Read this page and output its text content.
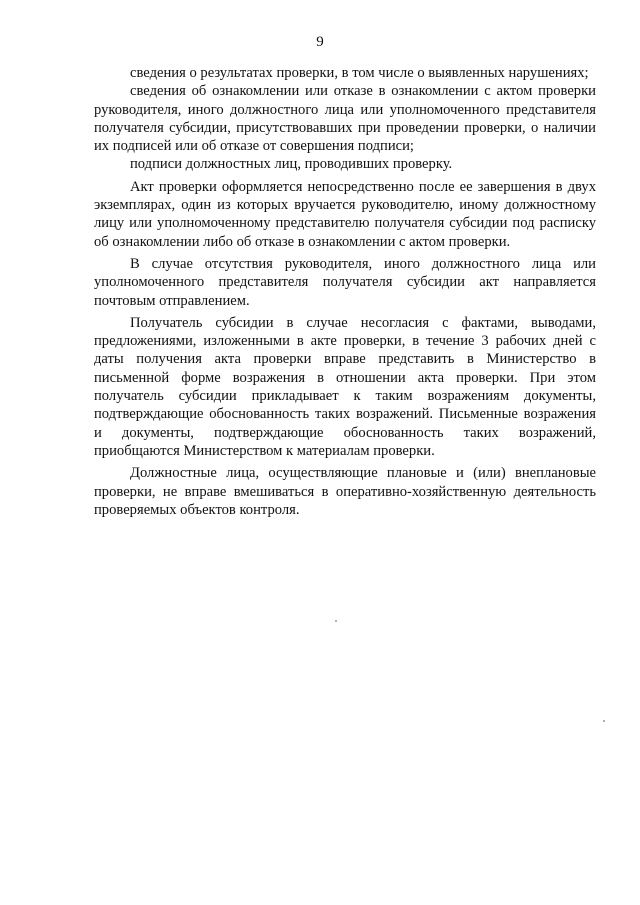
9

сведения о результатах проверки, в том числе о выявленных нарушениях;

сведения об ознакомлении или отказе в ознакомлении с актом проверки руководителя, иного должностного лица или уполномоченного представителя получателя субсидии, присутствовавших при проведении проверки, о наличии их подписей или об отказе от совершения подписи;

подписи должностных лиц, проводивших проверку.

Акт проверки оформляется непосредственно после ее завершения в двух экземплярах, один из которых вручается руководителю, иному должностному лицу или уполномоченному представителю получателя субсидии под расписку об ознакомлении либо об отказе в ознакомлении с актом проверки.

В случае отсутствия руководителя, иного должностного лица или уполномоченного представителя получателя субсидии акт направляется почтовым отправлением.

Получатель субсидии в случае несогласия с фактами, выводами, предложениями, изложенными в акте проверки, в течение 3 рабочих дней с даты получения акта проверки вправе представить в Министерство в письменной форме возражения в отношении акта проверки. При этом получатель субсидии прикладывает к таким возражениям документы, подтверждающие обоснованность таких возражений. Письменные возражения и документы, подтверждающие обоснованность таких возражений, приобщаются Министерством к материалам проверки.

Должностные лица, осуществляющие плановые и (или) внеплановые проверки, не вправе вмешиваться в оперативно-хозяйственную деятельность проверяемых объектов контроля.
